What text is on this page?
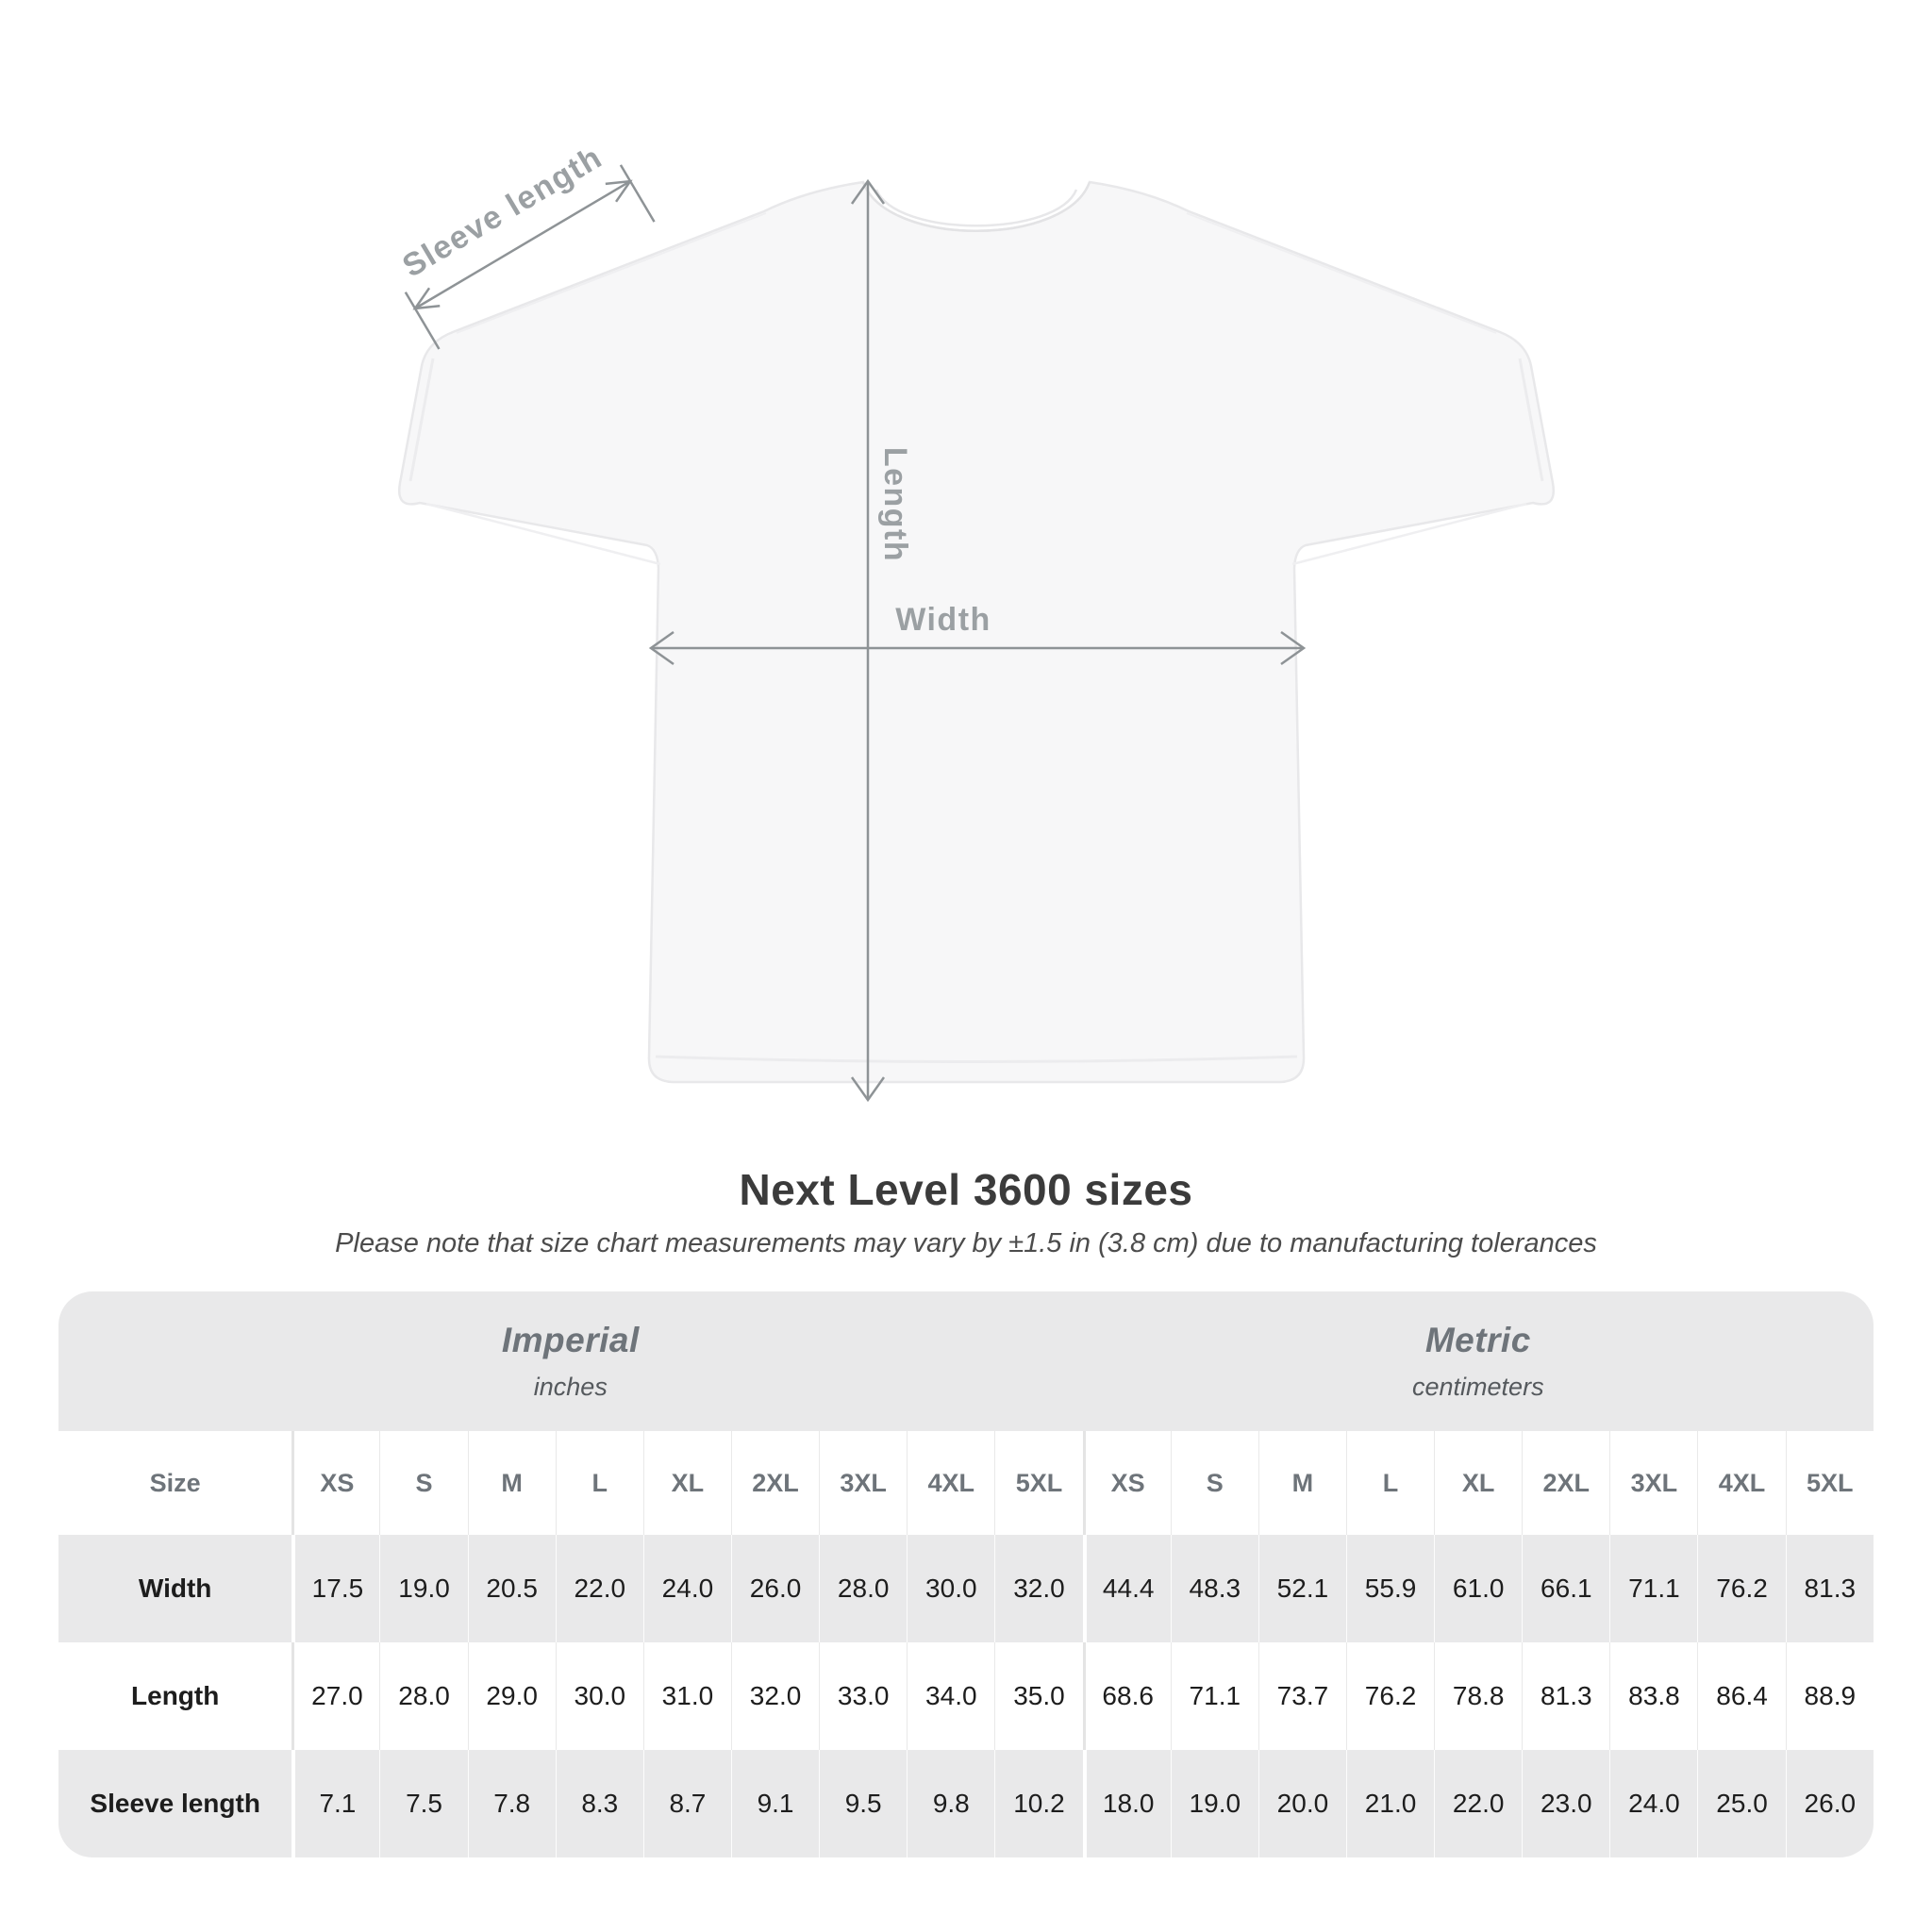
Length
Width
Sleeve length
Next Level 3600 sizes
Please note that size chart measurements may vary by ±1.5 in (3.8 cm) due to manufacturing tolerances
Imperial
inches

Metric
centimeters

Size	XS	S	M	L	XL	2XL	3XL	4XL	5XL	XS	S	M	L	XL	2XL	3XL	4XL	5XL
Width	17.5	19.0	20.5	22.0	24.0	26.0	28.0	30.0	32.0	44.4	48.3	52.1	55.9	61.0	66.1	71.1	76.2	81.3
Length	27.0	28.0	29.0	30.0	31.0	32.0	33.0	34.0	35.0	68.6	71.1	73.7	76.2	78.8	81.3	83.8	86.4	88.9
Sleeve length	7.1	7.5	7.8	8.3	8.7	9.1	9.5	9.8	10.2	18.0	19.0	20.0	21.0	22.0	23.0	24.0	25.0	26.0
